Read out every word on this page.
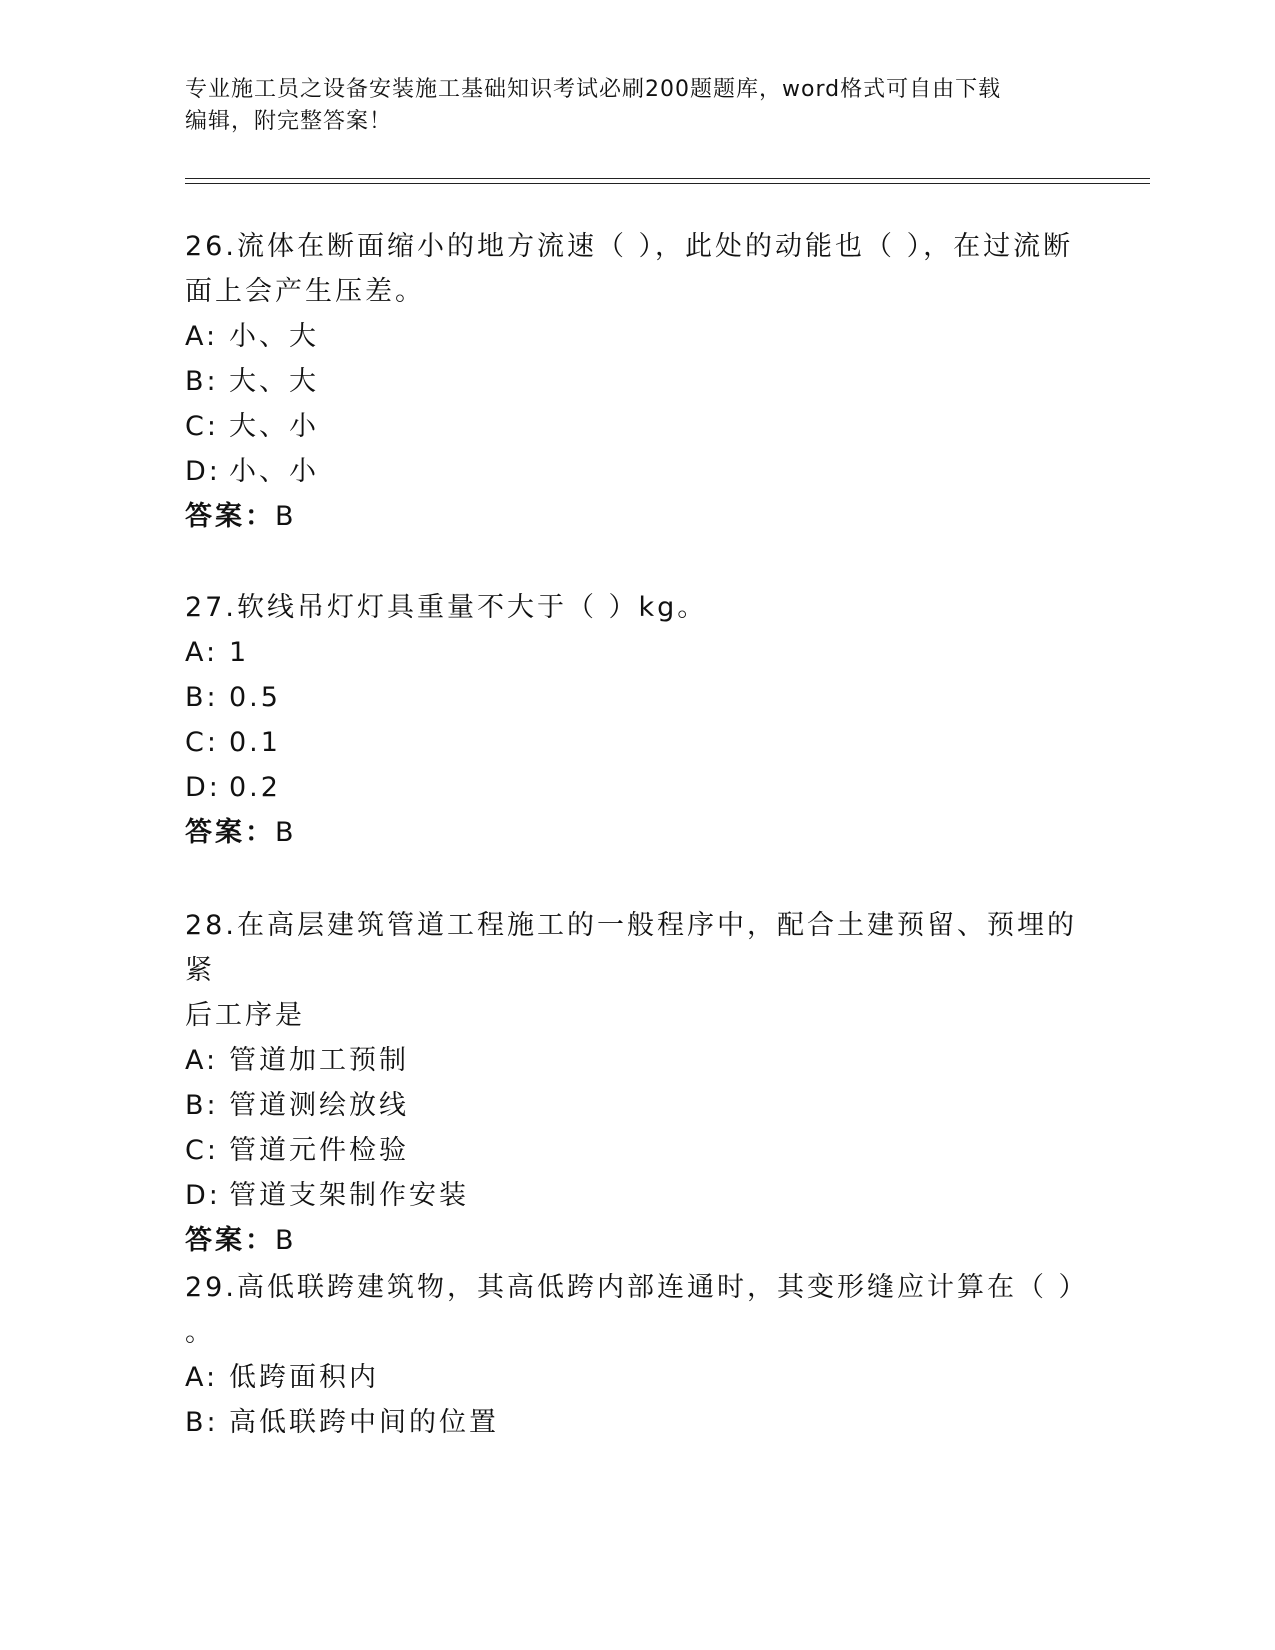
专业施工员之设备安装施工基础知识考试必刷200题题库，word格式可自由下载
编辑，附完整答案！

26.流体在断面缩小的地方流速（ ），此处的动能也（ ），在过流断

面上会产生压差。

A: 小、大

B: 大、大

C: 大、小

D: 小、小

答案：B

27.软线吊灯灯具重量不大于（ ）kg。

A: 1

B: 0.5

C: 0.1

D: 0.2

答案：B

28.在高层建筑管道工程施工的一般程序中，配合土建预留、预埋的紧

后工序是

A: 管道加工预制

B: 管道测绘放线

C: 管道元件检验

D: 管道支架制作安装

答案：B

29.高低联跨建筑物，其高低跨内部连通时，其变形缝应计算在（ ）

。

A: 低跨面积内

B: 高低联跨中间的位置
